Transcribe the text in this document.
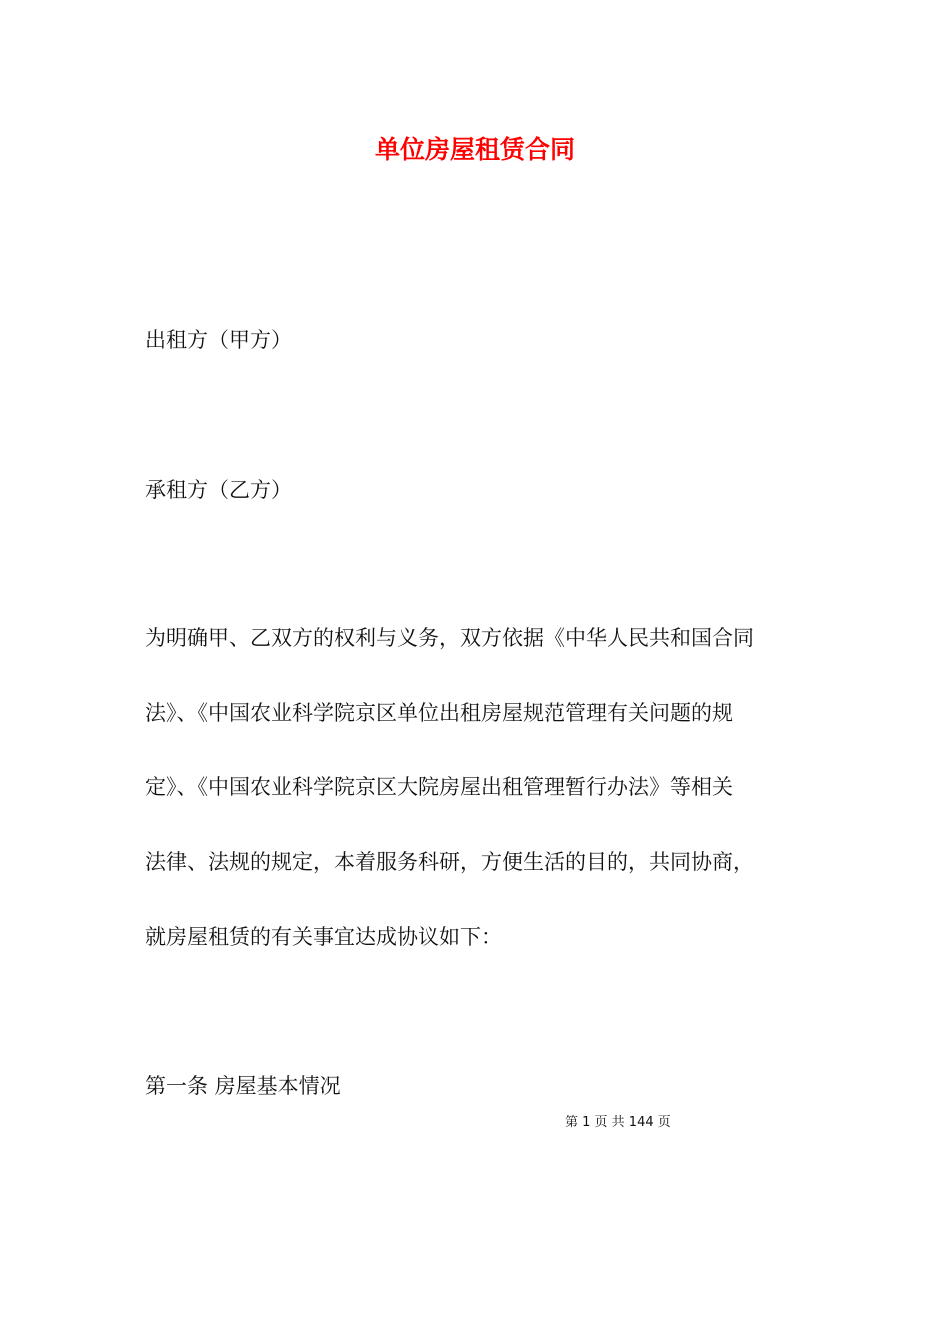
单位房屋租赁合同
出租方（甲方）
承租方（乙方）
为明确甲、乙双方的权利与义务，双方依据《中华人民共和国合同
法》、《中国农业科学院京区单位出租房屋规范管理有关问题的规
定》、《中国农业科学院京区大院房屋出租管理暂行办法》等相关
法律、法规的规定，本着服务科研，方便生活的目的，共同协商，
就房屋租赁的有关事宜达成协议如下：
第一条 房屋基本情况
第 1 页 共 144 页
